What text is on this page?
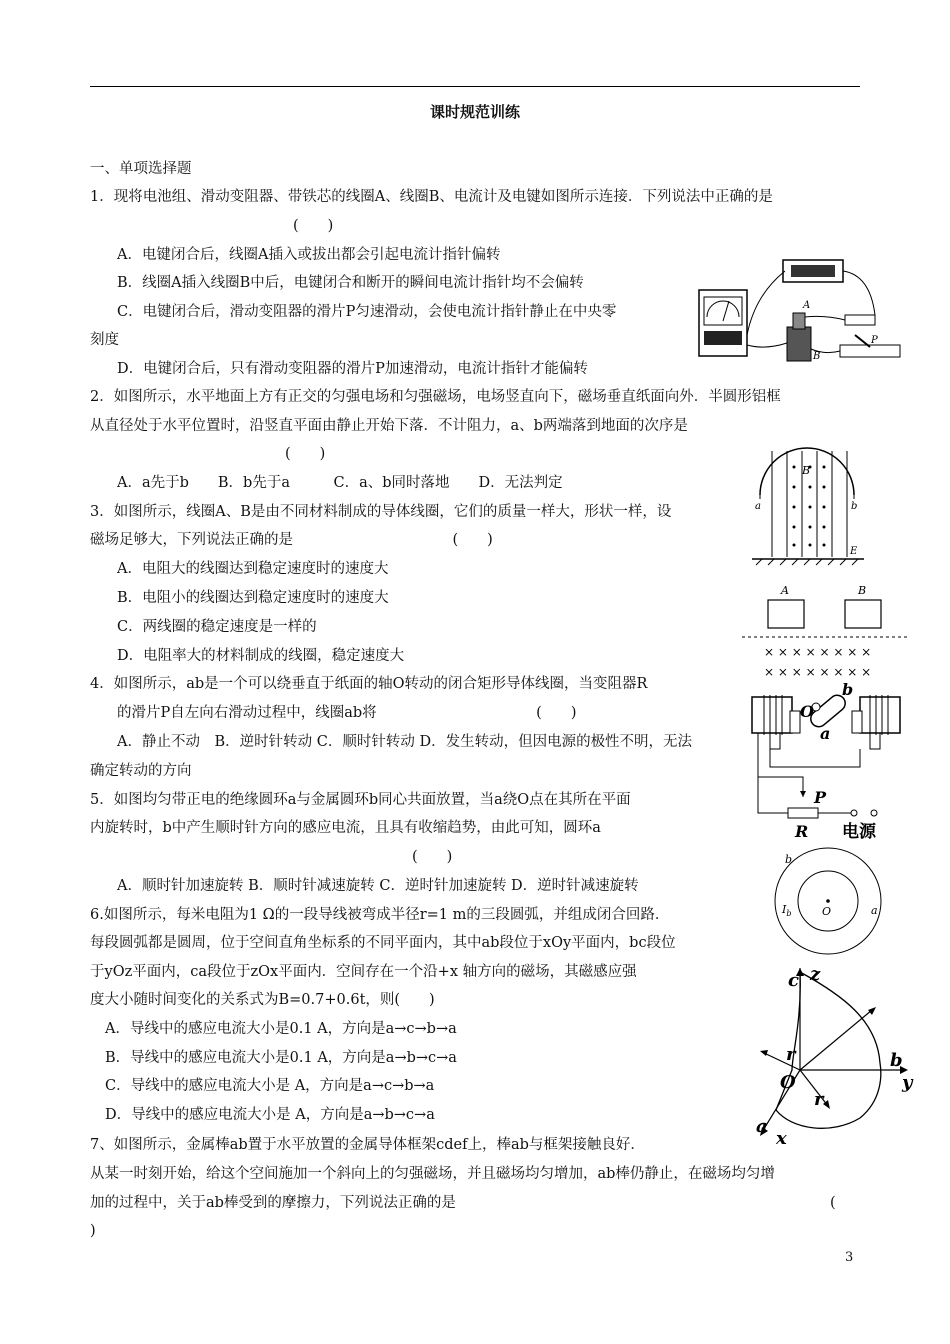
课时规范训练
一、单项选择题
1．现将电池组、滑动变阻器、带铁芯的线圈A、线圈B、电流计及电键如图所示连接．下列说法中正确的是
(　　)
A．电键闭合后，线圈A插入或拔出都会引起电流计指针偏转
B．线圈A插入线圈B中后，电键闭合和断开的瞬间电流计指针均不会偏转
C．电键闭合后，滑动变阻器的滑片P匀速滑动，会使电流计指针静止在中央零
刻度
D．电键闭合后，只有滑动变阻器的滑片P加速滑动，电流计指针才能偏转
2．如图所示，水平地面上方有正交的匀强电场和匀强磁场，电场竖直向下，磁场垂直纸面向外．半圆形铝框
从直径处于水平位置时，沿竖直平面由静止开始下落．不计阻力，a、b两端落到地面的次序是
(　　)
A．a先于b　　B．b先于a　　　C．a、b同时落地　　D．无法判定
3．如图所示，线圈A、B是由不同材料制成的导体线圈，它们的质量一样大，形状一样，设
磁场足够大，下列说法正确的是　　　　　　　　　　　(　　)
A．电阻大的线圈达到稳定速度时的速度大
B．电阻小的线圈达到稳定速度时的速度大
C．两线圈的稳定速度是一样的
D．电阻率大的材料制成的线圈，稳定速度大
4．如图所示，ab是一个可以绕垂直于纸面的轴O转动的闭合矩形导体线圈，当变阻器R
的滑片P自左向右滑动过程中，线圈ab将　　　　　　　　　　　(　　)
A．静止不动　B．逆时针转动 C．顺时针转动 D．发生转动，但因电源的极性不明，无法
确定转动的方向
5．如图均匀带正电的绝缘圆环a与金属圆环b同心共面放置，当a绕O点在其所在平面
内旋转时，b中产生顺时针方向的感应电流，且具有收缩趋势，由此可知，圆环a
(　　)
A．顺时针加速旋转 B．顺时针减速旋转 C．逆时针加速旋转 D．逆时针减速旋转
6.如图所示，每米电阻为1 Ω的一段导线被弯成半径r=1 m的三段圆弧，并组成闭合回路．
每段圆弧都是圆周，位于空间直角坐标系的不同平面内，其中ab段位于xOy平面内，bc段位
于yOz平面内，ca段位于zOx平面内．空间存在一个沿+x 轴方向的磁场，其磁感应强
度大小随时间变化的关系式为B=0.7+0.6t，则(　　)
A．导线中的感应电流大小是0.1 A，方向是a→c→b→a
B．导线中的感应电流大小是0.1 A，方向是a→b→c→a
C．导线中的感应电流大小是 A，方向是a→c→b→a
D．导线中的感应电流大小是 A，方向是a→b→c→a
7、如图所示，金属棒ab置于水平放置的金属导体框架cdef上，棒ab与框架接触良好．
从某一时刻开始，给这个空间施加一个斜向上的匀强磁场，并且磁场均匀增加，ab棒仍静止，在磁场均匀增
加的过程中，关于ab棒受到的摩擦力，下列说法正确的是	(
)
3
A
B
P
B
a	b
E
A	B
× × × × × × × ×
× × × × × × × ×
O
b
a
P
R 电源
b
a
O
$I_b$
c z
r
r
O
b
y
a
x
